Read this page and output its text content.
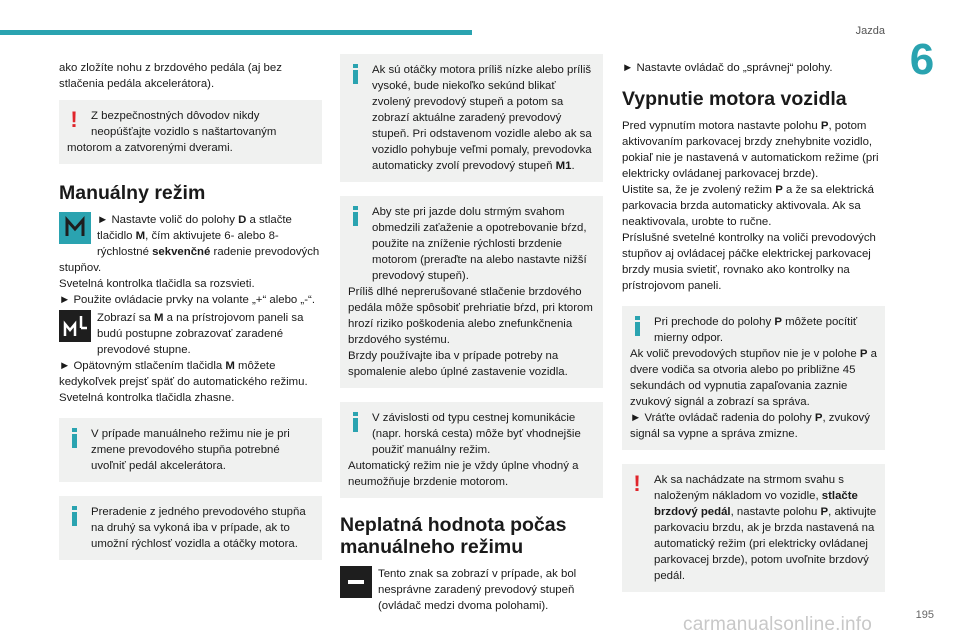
Jazda
6

ako zložíte nohu z brzdového pedála (aj bez stlačenia pedála akcelerátora).

!	Z bezpečnostných dôvodov nikdy neopúšťajte vozidlo s naštartovaným

motorom a zatvorenými dverami.

Manuálny režim
► Nastavte volič do polohy D a stlačte tlačidlo M, čím aktivujete 6- alebo 8-rýchlostné sekvenčné radenie prevodových stupňov.

Svetelná kontrolka tlačidla sa rozsvieti.

► Použite ovládacie prvky na volante „+“ alebo „-“.

Zobrazí sa M a na prístrojovom paneli sa budú postupne zobrazovať zaradené prevodové stupne.

► Opätovným stlačením tlačidla M môžete kedykoľvek prejsť späť do automatického režimu.

Svetelná kontrolka tlačidla zhasne.

V prípade manuálneho režimu nie je pri zmene prevodového stupňa potrebné uvoľniť pedál akcelerátora.

Preradenie z jedného prevodového stupňa na druhý sa vykoná iba v prípade, ak to umožní rýchlosť vozidla a otáčky motora.

Ak sú otáčky motora príliš nízke alebo príliš vysoké, bude niekoľko sekúnd blikať zvolený prevodový stupeň a potom sa zobrazí aktuálne zaradený prevodový stupeň. Pri odstavenom vozidle alebo ak sa vozidlo pohybuje veľmi pomaly, prevodovka automaticky zvolí prevodový stupeň M1.

Aby ste pri jazde dolu strmým svahom obmedzili zaťaženie a opotrebovanie bŕzd, použite na zníženie rýchlosti brzdenie motorom (preraďte na alebo nastavte nižší prevodový stupeň).

Príliš dlhé neprerušované stlačenie brzdového pedála môže spôsobiť prehriatie bŕzd, pri ktorom hrozí riziko poškodenia alebo znefunkčnenia brzdového systému.

Brzdy používajte iba v prípade potreby na spomalenie alebo úplné zastavenie vozidla.

V závislosti od typu cestnej komunikácie (napr. horská cesta) môže byť vhodnejšie použiť manuálny režim.

Automatický režim nie je vždy úplne vhodný a neumožňuje brzdenie motorom.

Neplatná hodnota počas manuálneho režimu
Tento znak sa zobrazí v prípade, ak bol nesprávne zaradený prevodový stupeň (ovládač medzi dvoma polohami).

► Nastavte ovládač do „správnej“ polohy.

Vypnutie motora vozidla

Pred vypnutím motora nastavte polohu P, potom aktivovaním parkovacej brzdy znehybnite vozidlo, pokiaľ nie je nastavená v automatickom režime (pri elektricky ovládanej parkovacej brzde).

Uistite sa, že je zvolený režim P a že sa elektrická parkovacia brzda automaticky aktivovala. Ak sa neaktivovala, urobte to ručne.

Príslušné svetelné kontrolky na voliči prevodových stupňov aj ovládacej páčke elektrickej parkovacej brzdy musia svietiť, rovnako ako kontrolky na prístrojovom paneli.

Pri prechode do polohy P môžete pocítiť mierny odpor.

Ak volič prevodových stupňov nie je v polohe P a dvere vodiča sa otvoria alebo po približne 45 sekundách od vypnutia zapaľovania zaznie zvukový signál a zobrazí sa správa.

► Vráťte ovládač radenia do polohy P, zvukový signál sa vypne a správa zmizne.

!	Ak sa nachádzate na strmom svahu s naloženým nákladom vo vozidle, stlačte brzdový pedál, nastavte polohu P, aktivujte parkovaciu brzdu, ak je brzda nastavená na automatický režim (pri elektricky ovládanej parkovacej brzde), potom uvoľnite brzdový pedál.

195
carmanualsonline.info
